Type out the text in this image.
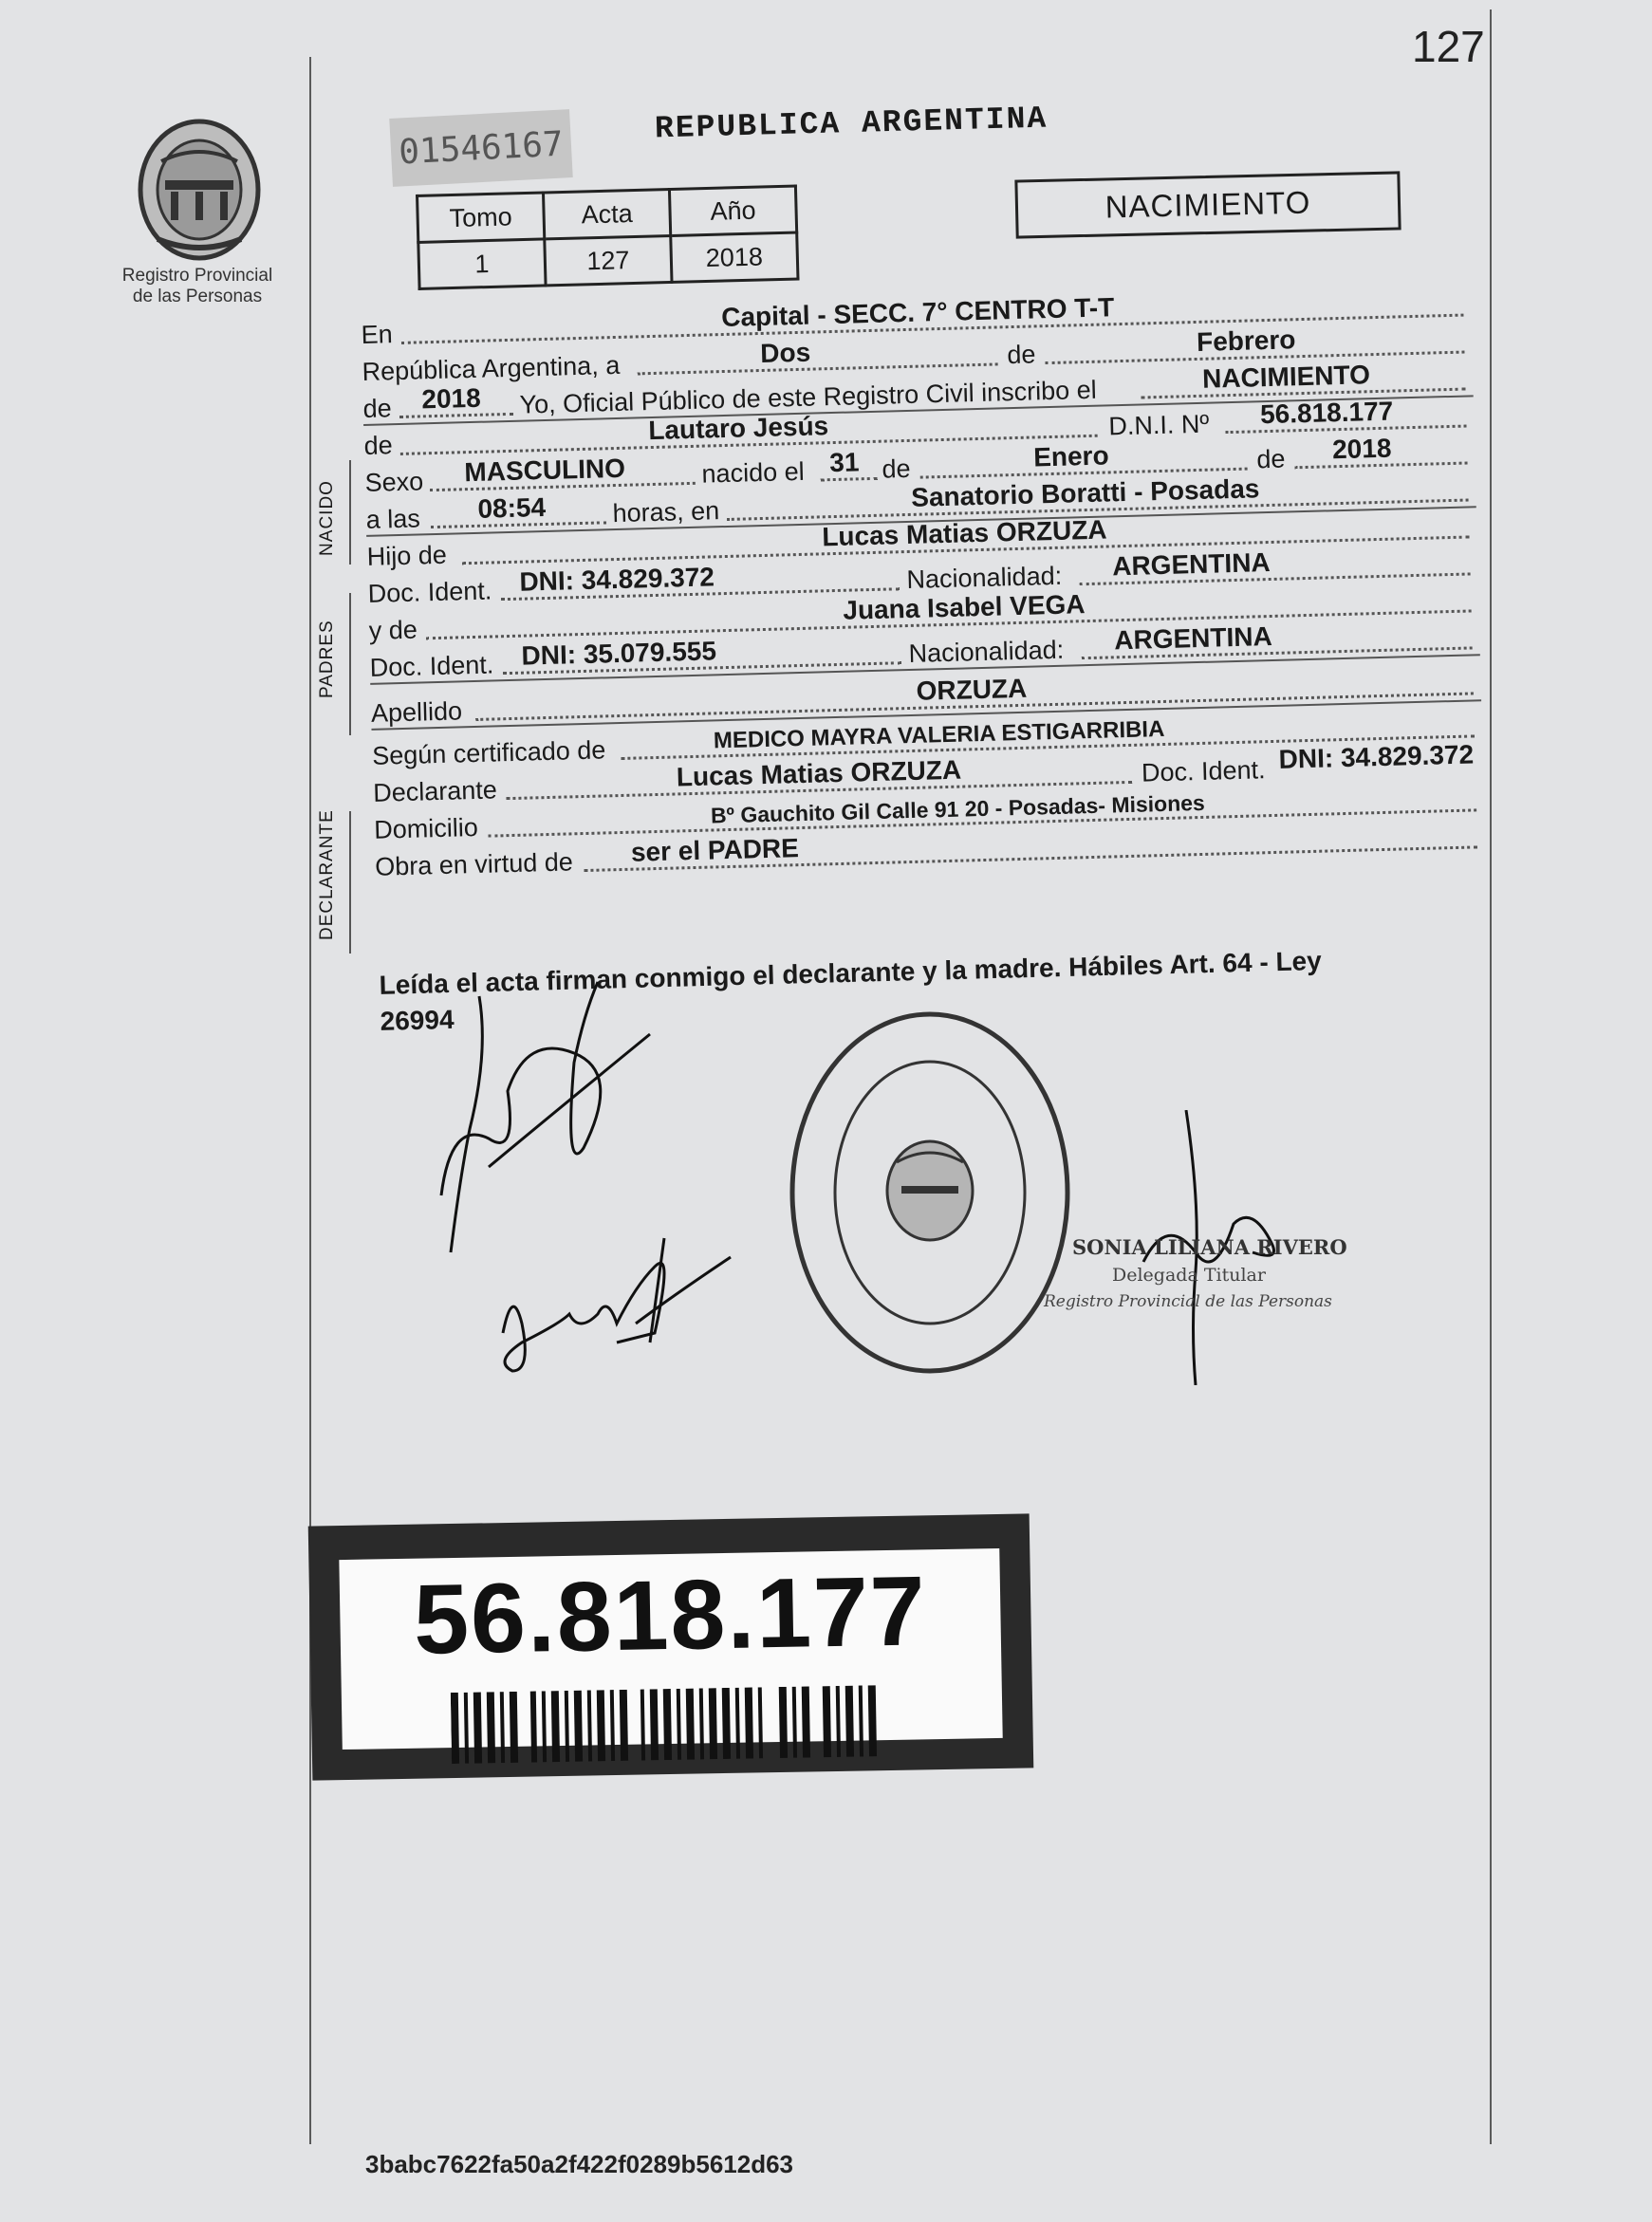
127
Registro Provincial
de las Personas
01546167
REPUBLICA ARGENTINA
Tomo	Acta	Año
1	127	2018
NACIMIENTO
En
Capital - SECC. 7° CENTRO T-T
República Argentina, a	Dos	de	Febrero
de 2018 Yo, Oficial Público de este Registro Civil inscribo el	NACIMIENTO
de
Lautaro Jesús	D.N.I. Nº 56.818.177
Sexo MASCULINO	nacido el 31 de	Enero	de 2018
a las 08:54	horas, en	Sanatorio Boratti - Posadas
Hijo de
Lucas Matias ORZUZA
Doc. Ident. DNI: 34.829.372	Nacionalidad: ARGENTINA
y de
Juana Isabel VEGA
Doc. Ident. DNI: 35.079.555	Nacionalidad: ARGENTINA
Apellido
ORZUZA
Según certificado de	MEDICO MAYRA VALERIA ESTIGARRIBIA
Declarante	Lucas Matias ORZUZA	Doc. Ident. DNI: 34.829.372
Domicilio
Bº Gauchito Gil Calle 91 20 - Posadas- Misiones
Obra en virtud de ser el PADRE
NACIDO
PADRES
DECLARANTE
Leída el acta firman conmigo el declarante y la madre. Hábiles Art. 64 - Ley
26994
SONIA LILIANA RIVERO
Delegada Titular
Registro Provincial de las Personas
56.818.177
3babc7622fa50a2f422f0289b5612d63
